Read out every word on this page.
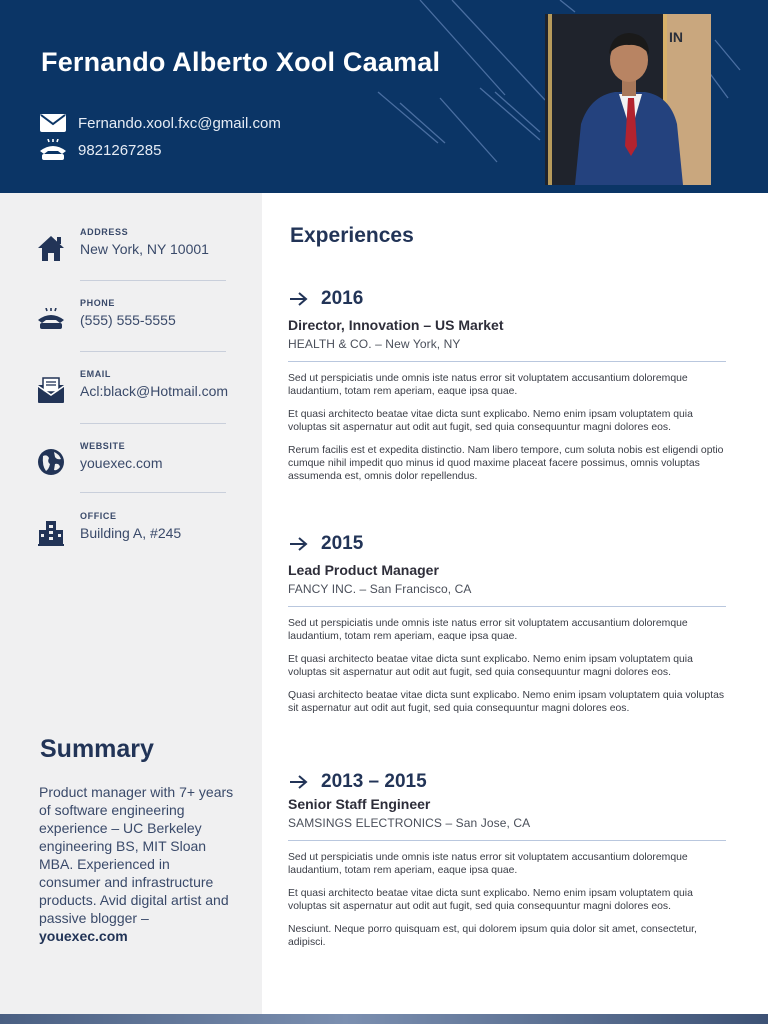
Fernando Alberto Xool Caamal
Fernando.xool.fxc@gmail.com
9821267285
IN
ADDRESS
New York, NY 10001
PHONE
(555) 555-5555
EMAIL
Acl:black@Hotmail.com
WEBSITE
youexec.com
OFFICE
Building A, #245
Summary
Product manager with 7+ years of software engineering experience – UC Berkeley engineering BS, MIT Sloan MBA. Experienced in consumer and infrastructure products. Avid digital artist and passive blogger –
youexec.com
Experiences
2016
Director, Innovation – US Market
HEALTH & CO. – New York, NY

Sed ut perspiciatis unde omnis iste natus error sit voluptatem accusantium doloremque laudantium, totam rem aperiam, eaque ipsa quae.

Et quasi architecto beatae vitae dicta sunt explicabo. Nemo enim ipsam voluptatem quia voluptas sit aspernatur aut odit aut fugit, sed quia consequuntur magni dolores eos.

Rerum facilis est et expedita distinctio. Nam libero tempore, cum soluta nobis est eligendi optio cumque nihil impedit quo minus id quod maxime placeat facere possimus, omnis voluptas assumenda est, omnis dolor repellendus.

2015
Lead Product Manager
FANCY INC. – San Francisco, CA

Sed ut perspiciatis unde omnis iste natus error sit voluptatem accusantium doloremque laudantium, totam rem aperiam, eaque ipsa quae.

Et quasi architecto beatae vitae dicta sunt explicabo. Nemo enim ipsam voluptatem quia voluptas sit aspernatur aut odit aut fugit, sed quia consequuntur magni dolores eos.

Quasi architecto beatae vitae dicta sunt explicabo. Nemo enim ipsam voluptatem quia voluptas sit aspernatur aut odit aut fugit, sed quia consequuntur magni dolores eos.

2013 – 2015
Senior Staff Engineer
SAMSINGS ELECTRONICS – San Jose, CA

Sed ut perspiciatis unde omnis iste natus error sit voluptatem accusantium doloremque laudantium, totam rem aperiam, eaque ipsa quae.

Et quasi architecto beatae vitae dicta sunt explicabo. Nemo enim ipsam voluptatem quia voluptas sit aspernatur aut odit aut fugit, sed quia consequuntur magni dolores eos.

Nesciunt. Neque porro quisquam est, qui dolorem ipsum quia dolor sit amet, consectetur, adipisci.
